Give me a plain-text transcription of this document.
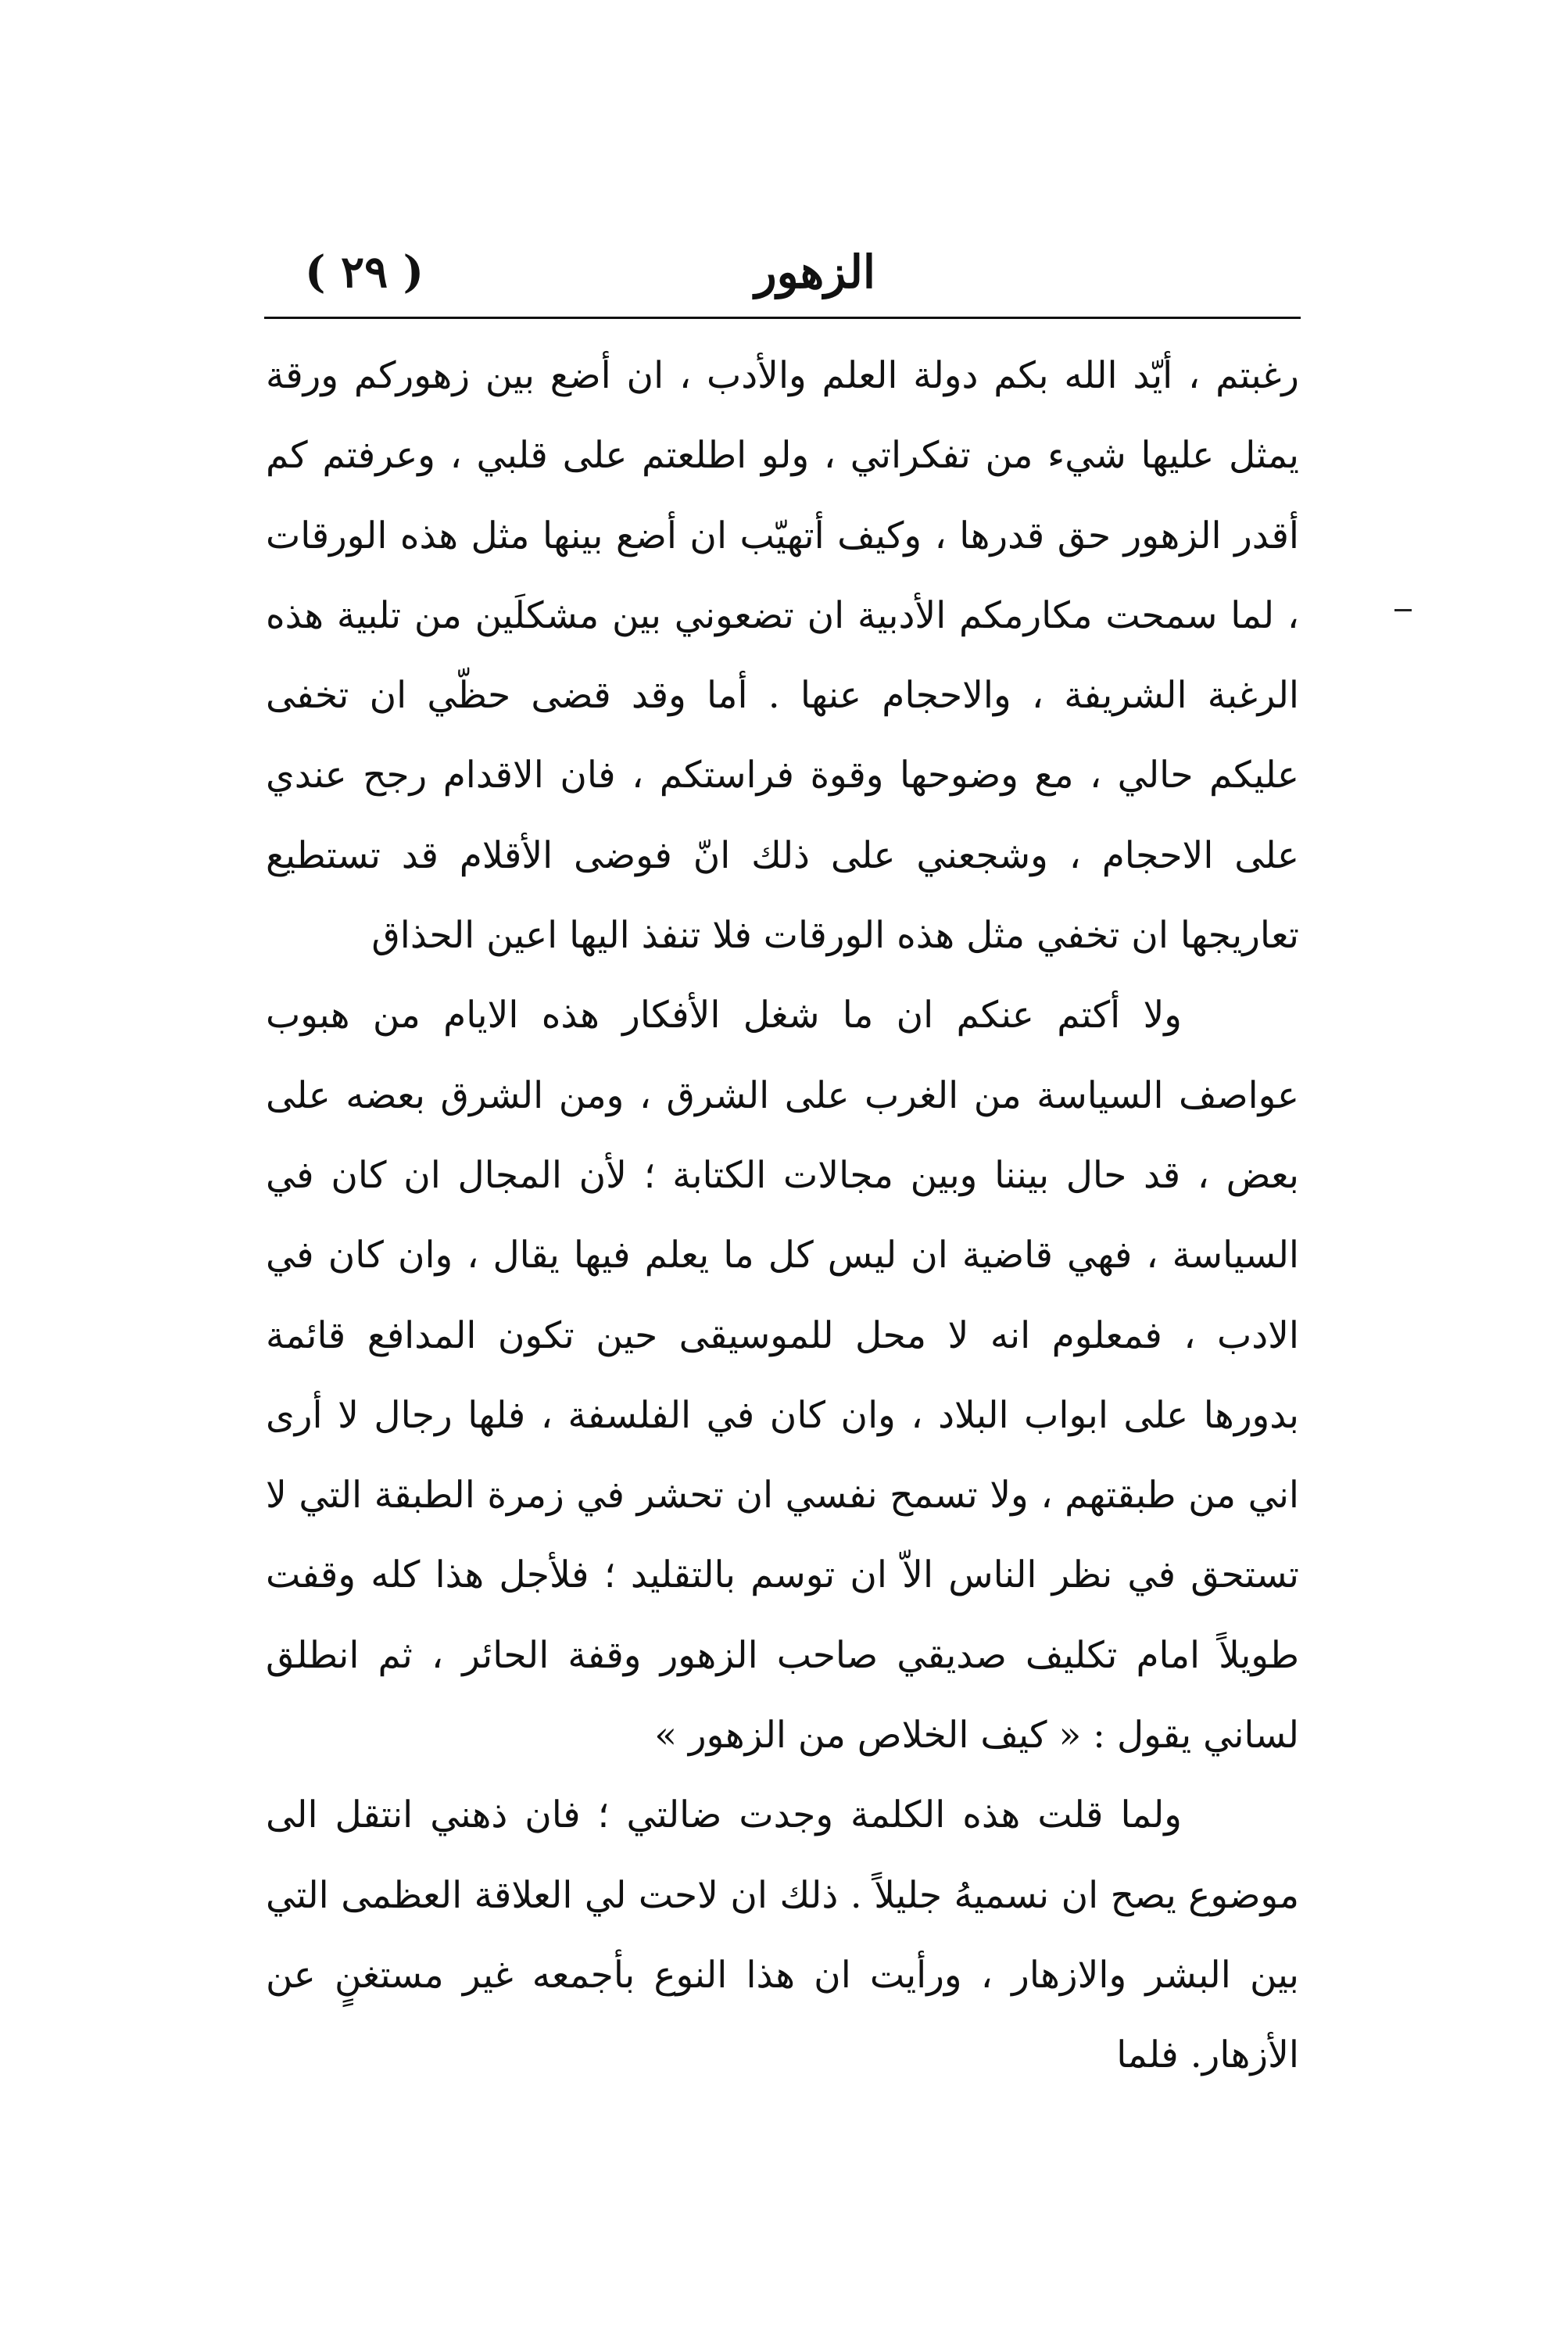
الزهور
( ٢٩ )

رغبتم ، أيّد الله بكم دولة العلم والأدب ، ان أضع بين زهوركم ورقة يمثل عليها شيء من تفكراتي ، ولو اطلعتم على قلبي ، وعرفتم كم أقدر الزهور حق قدرها ، وكيف أتهيّب ان أضع بينها مثل هذه الورقات ، لما سمحت مكارمكم الأدبية ان تضعوني بين مشكلَين من تلبية هذه الرغبة الشريفة ، والاحجام عنها . أما وقد قضى حظّي ان تخفى عليكم حالي ، مع وضوحها وقوة فراستكم ، فان الاقدام رجح عندي على الاحجام ، وشجعني على ذلك انّ فوضى الأقلام قد تستطيع تعاريجها ان تخفي مثل هذه الورقات فلا تنفذ اليها اعين الحذاق

ولا أكتم عنكم ان ما شغل الأفكار هذه الايام من هبوب عواصف السياسة من الغرب على الشرق ، ومن الشرق بعضه على بعض ، قد حال بيننا وبين مجالات الكتابة ؛ لأن المجال ان كان في السياسة ، فهي قاضية ان ليس كل ما يعلم فيها يقال ، وان كان في الادب ، فمعلوم انه لا محل للموسيقى حين تكون المدافع قائمة بدورها على ابواب البلاد ، وان كان في الفلسفة ، فلها رجال لا أرى اني من طبقتهم ، ولا تسمح نفسي ان تحشر في زمرة الطبقة التي لا تستحق في نظر الناس الاّ ان توسم بالتقليد ؛ فلأجل هذا كله وقفت طويلاً امام تكليف صديقي صاحب الزهور وقفة الحائر ، ثم انطلق لساني يقول : « كيف الخلاص من الزهور »

ولما قلت هذه الكلمة وجدت ضالتي ؛ فان ذهني انتقل الى موضوع يصح ان نسميهُ جليلاً . ذلك ان لاحت لي العلاقة العظمى التي بين البشر والازهار ، ورأيت ان هذا النوع بأجمعه غير مستغنٍ عن الأزهار. فلما
